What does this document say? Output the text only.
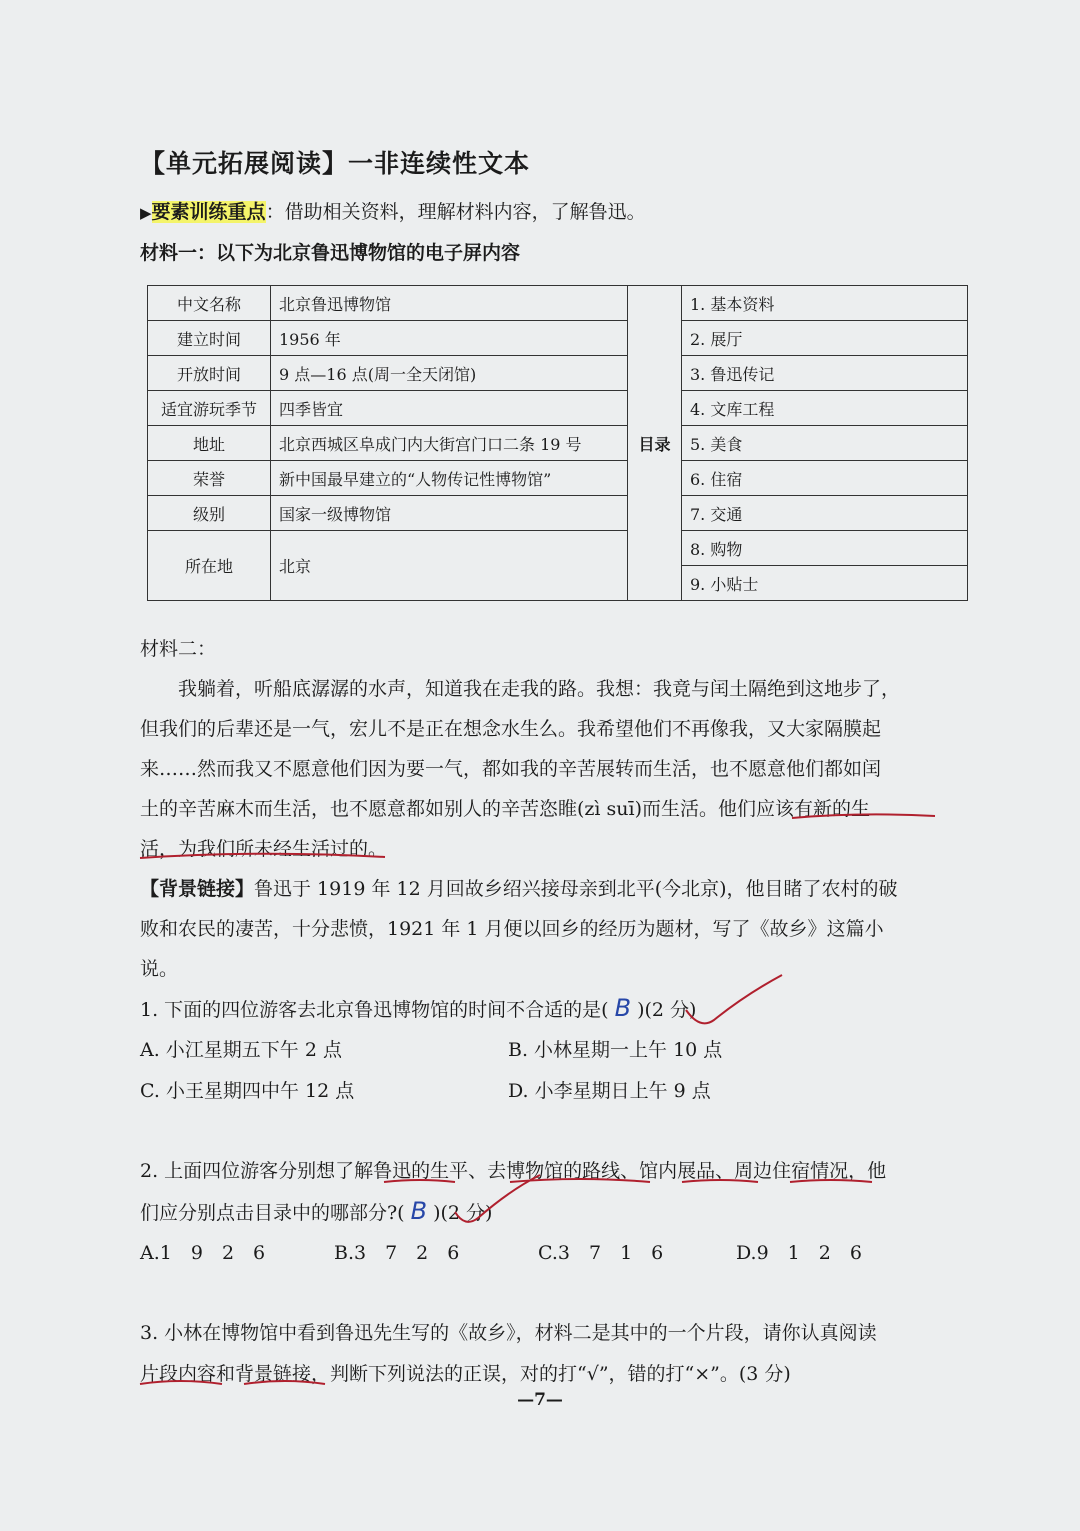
【单元拓展阅读】一非连续性文本
▶要素训练重点：借助相关资料，理解材料内容，了解鲁迅。
材料一：以下为北京鲁迅博物馆的电子屏内容
中文名称	北京鲁迅博物馆	目录	1. 基本资料
建立时间	1956 年		2. 展厅
开放时间	9 点—16 点(周一全天闭馆)		3. 鲁迅传记
适宜游玩季节	四季皆宜		4. 文库工程
地址	北京西城区阜成门内大街宫门口二条 19 号		5. 美食
荣誉	新中国最早建立的“人物传记性博物馆”		6. 住宿
级别	国家一级博物馆		7. 交通
所在地	北京		8. 购物
			9. 小贴士
材料二：
　　我躺着，听船底潺潺的水声，知道我在走我的路。我想：我竟与闰土隔绝到这地步了，
但我们的后辈还是一气，宏儿不是正在想念水生么。我希望他们不再像我，又大家隔膜起
来……然而我又不愿意他们因为要一气，都如我的辛苦展转而生活，也不愿意他们都如闰
土的辛苦麻木而生活，也不愿意都如别人的辛苦恣睢(zì suī)而生活。他们应该有新的生
活，为我们所未经生活过的。
【背景链接】鲁迅于 1919 年 12 月回故乡绍兴接母亲到北平(今北京)，他目睹了农村的破
败和农民的凄苦，十分悲愤，1921 年 1 月便以回乡的经历为题材，写了《故乡》这篇小
说。
1. 下面的四位游客去北京鲁迅博物馆的时间不合适的是( B )(2 分)
A. 小江星期五下午 2 点	B. 小林星期一上午 10 点
C. 小王星期四中午 12 点	D. 小李星期日上午 9 点
2. 上面四位游客分别想了解鲁迅的生平、去博物馆的路线、馆内展品、周边住宿情况，他
们应分别点击目录中的哪部分?( B )(2 分)
A.1　9　2　6	B.3　7　2　6	C.3　7　1　6	D.9　1　2　6
3. 小林在博物馆中看到鲁迅先生写的《故乡》，材料二是其中的一个片段，请你认真阅读
片段内容和背景链接，判断下列说法的正误，对的打“√”，错的打“×”。(3 分)
—7—
